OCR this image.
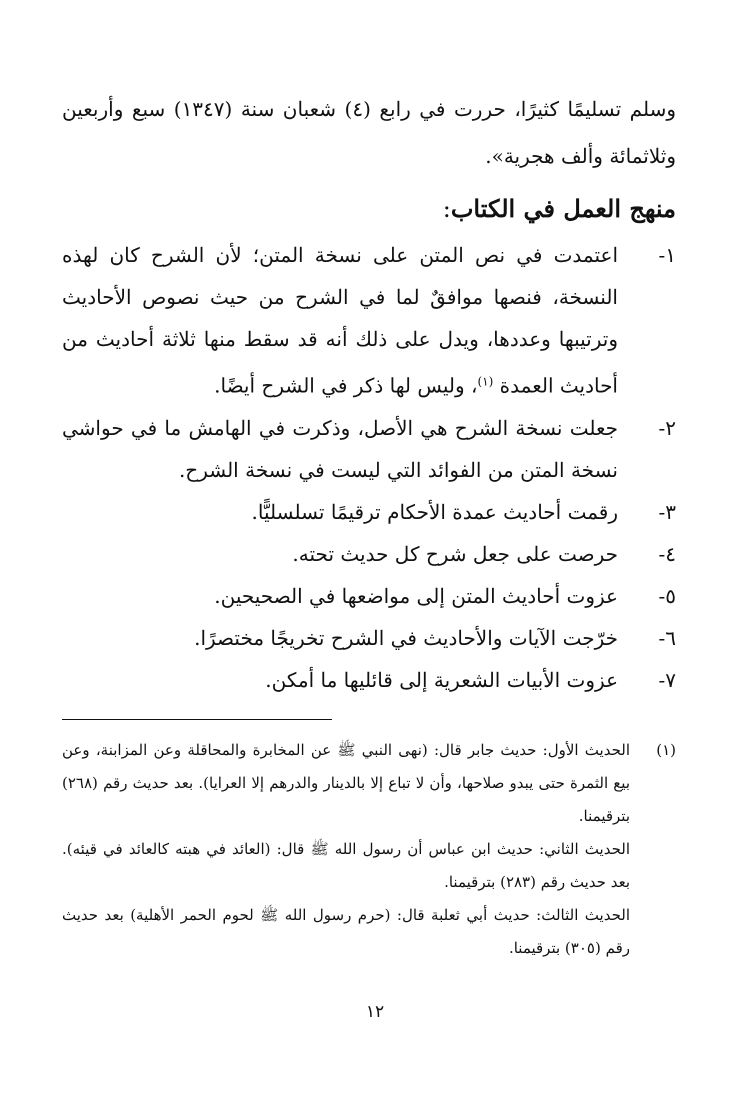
وسلم تسليمًا كثيرًا، حررت في رابع (٤) شعبان سنة (١٣٤٧) سبع وأربعين وثلاثمائة وألف هجرية».

منهج العمل في الكتاب:
١-
اعتمدت في نص المتن على نسخة المتن؛ لأن الشرح كان لهذه النسخة، فنصها موافقٌ لما في الشرح من حيث نصوص الأحاديث وترتيبها وعددها، ويدل على ذلك أنه قد سقط منها ثلاثة أحاديث من أحاديث العمدة $^{(١)}$، وليس لها ذكر في الشرح أيضًا.
٢-
جعلت نسخة الشرح هي الأصل، وذكرت في الهامش ما في حواشي نسخة المتن من الفوائد التي ليست في نسخة الشرح.
٣-
رقمت أحاديث عمدة الأحكام ترقيمًا تسلسليًّا.
٤-
حرصت على جعل شرح كل حديث تحته.
٥-
عزوت أحاديث المتن إلى مواضعها في الصحيحين.
٦-
خرّجت الآيات والأحاديث في الشرح تخريجًا مختصرًا.
٧-
عزوت الأبيات الشعرية إلى قائليها ما أمكن.
(١)

الحديث الأول: حديث جابر قال: (نهى النبي ﷺ عن المخابرة والمحاقلة وعن المزابنة، وعن بيع الثمرة حتى يبدو صلاحها، وأن لا تباع إلا بالدينار والدرهم إلا العرايا). بعد حديث رقم (٢٦٨) بترقيمنا.

الحديث الثاني: حديث ابن عباس أن رسول الله ﷺ قال: (العائد في هبته كالعائد في قيئه). بعد حديث رقم (٢٨٣) بترقيمنا.

الحديث الثالث: حديث أبي ثعلبة قال: (حرم رسول الله ﷺ لحوم الحمر الأهلية) بعد حديث رقم (٣٠٥) بترقيمنا.

١٢
